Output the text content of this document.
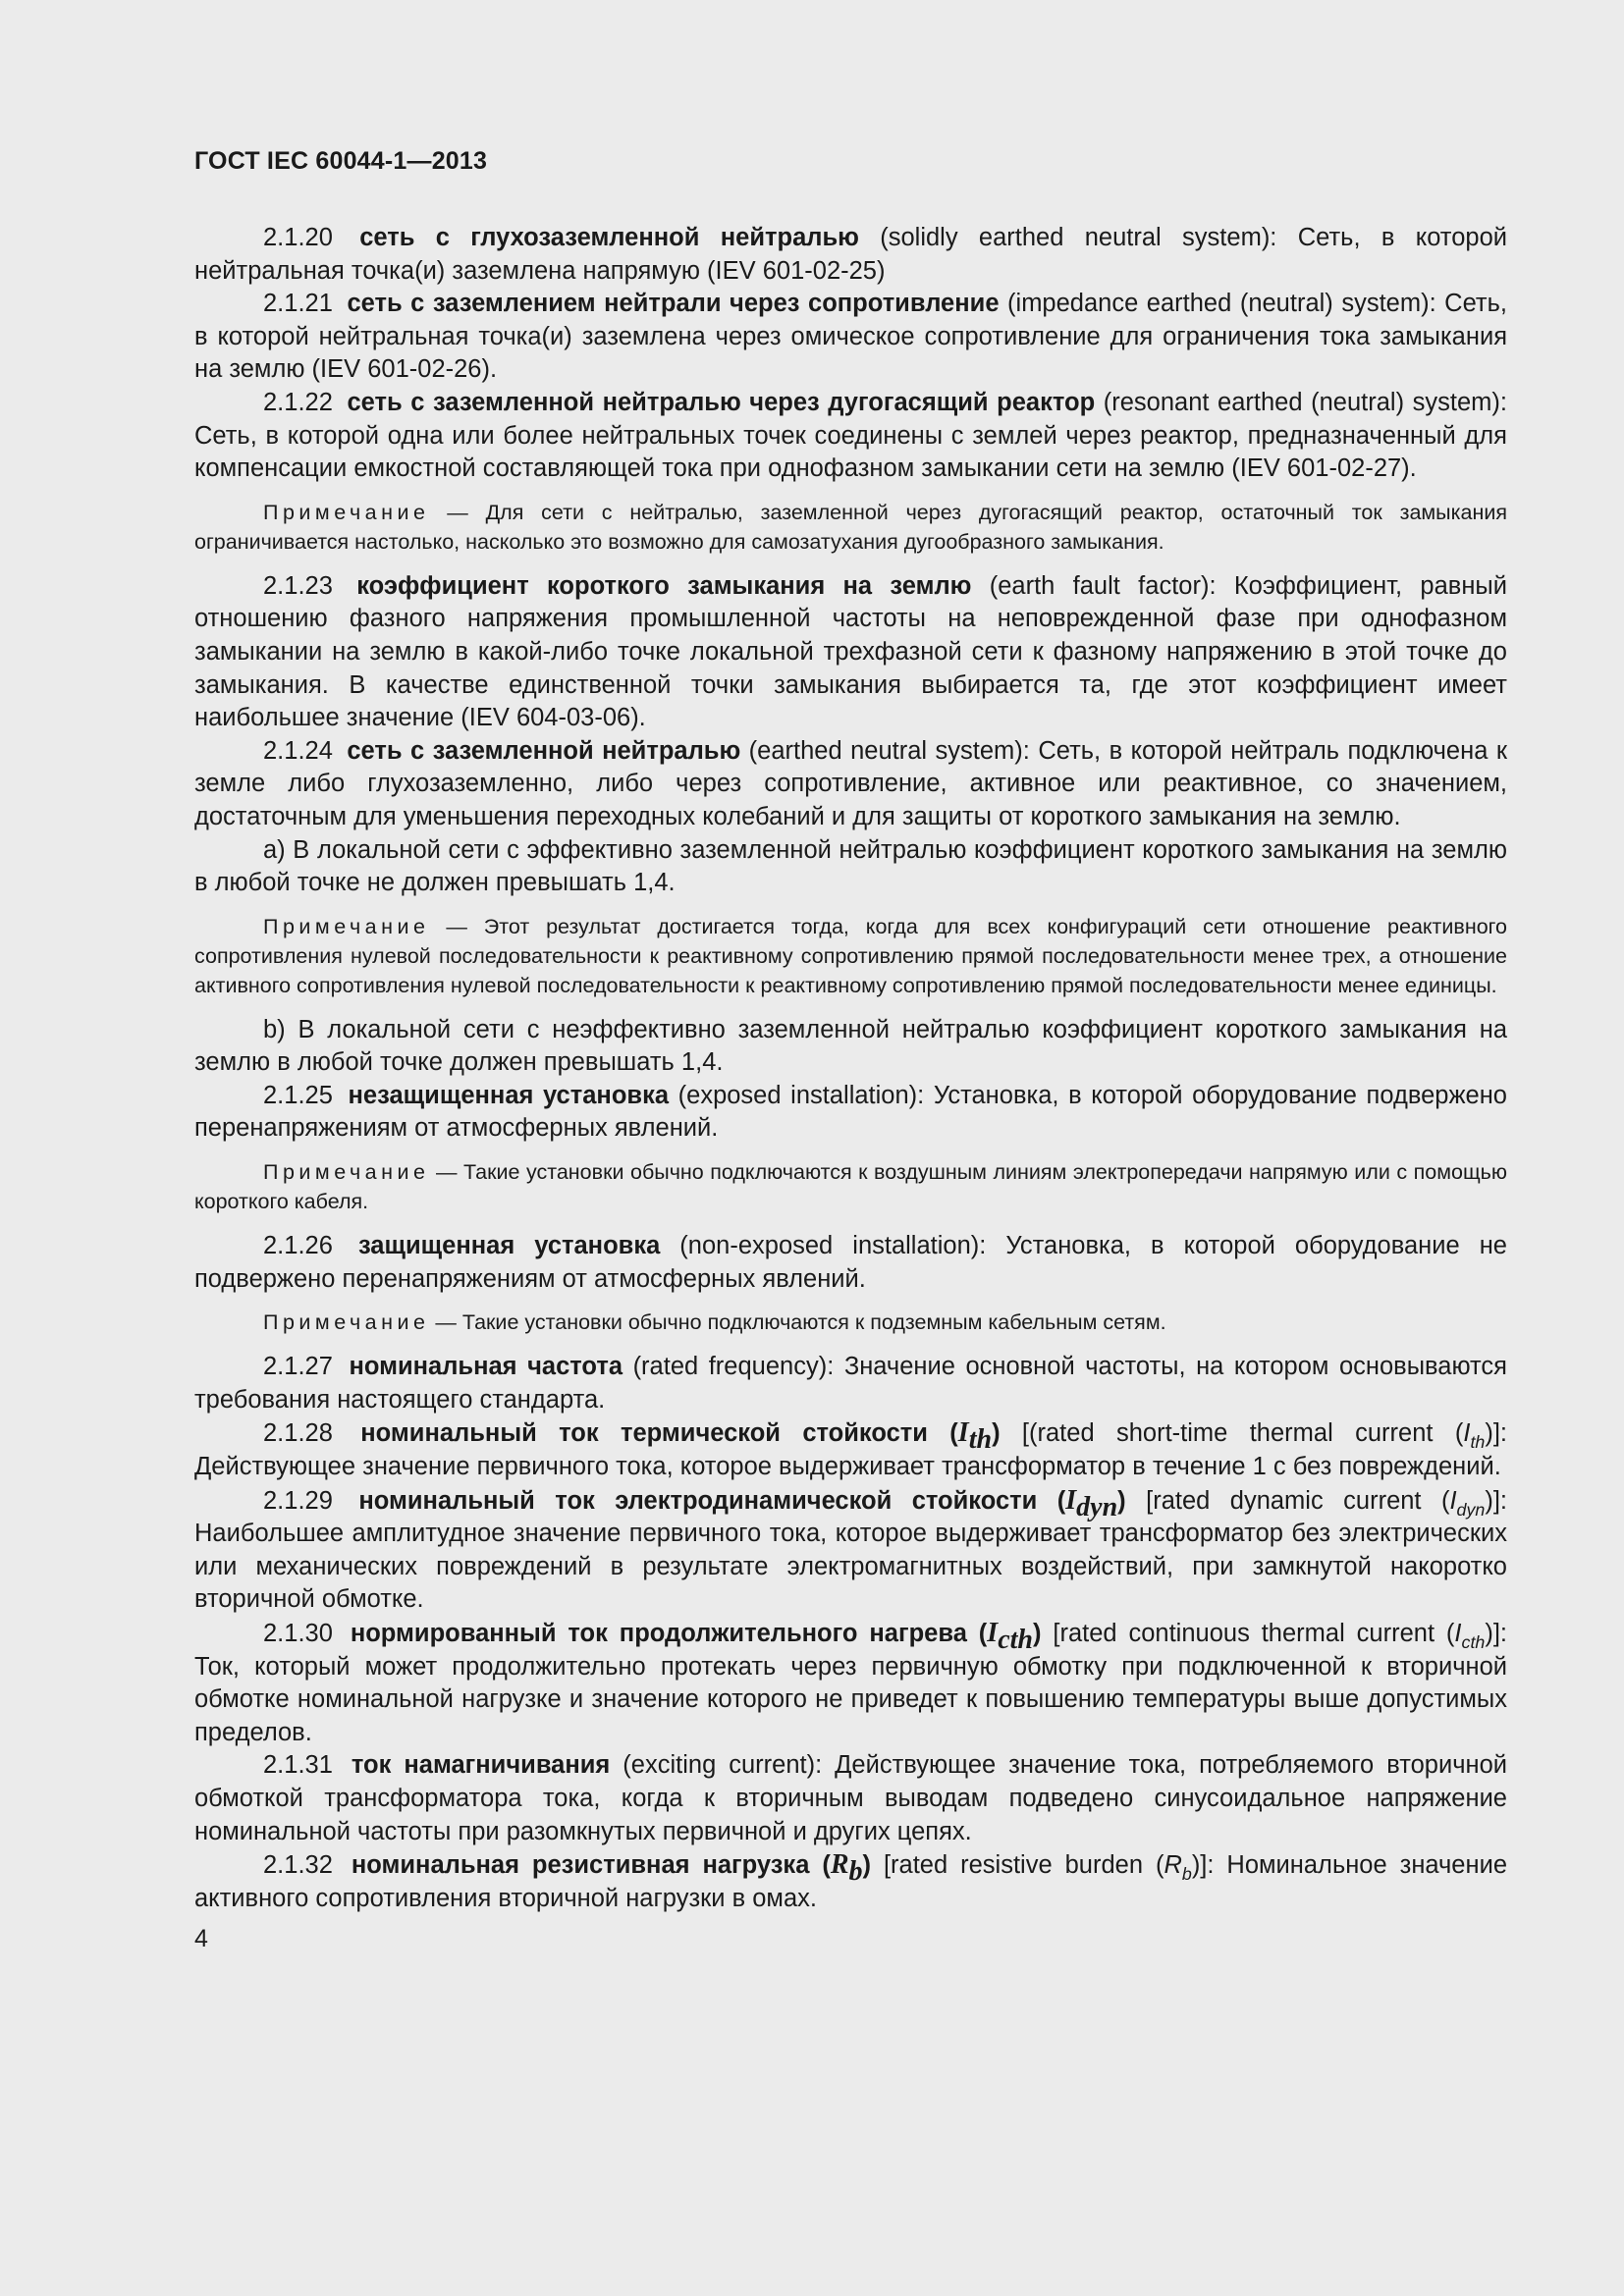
ГОСТ IEC 60044-1—2013

2.1.20 сеть с глухозаземленной нейтралью (solidly earthed neutral system): Сеть, в которой нейтральная точка(и) заземлена напрямую (IEV 601-02-25)

2.1.21 сеть с заземлением нейтрали через сопротивление (impedance earthed (neutral) system): Сеть, в которой нейтральная точка(и) заземлена через омическое сопротивление для ограничения тока замыкания на землю (IEV 601-02-26).

2.1.22 сеть с заземленной нейтралью через дугогасящий реактор (resonant earthed (neutral) system): Сеть, в которой одна или более нейтральных точек соединены с землей через реактор, предназначенный для компенсации емкостной составляющей тока при однофазном замыкании сети на землю (IEV 601-02-27).

Примечание — Для сети с нейтралью, заземленной через дугогасящий реактор, остаточный ток замыкания ограничивается настолько, насколько это возможно для самозатухания дугообразного замыкания.

2.1.23 коэффициент короткого замыкания на землю (earth fault factor): Коэффициент, равный отношению фазного напряжения промышленной частоты на неповрежденной фазе при однофазном замыкании на землю в какой-либо точке локальной трехфазной сети к фазному напряжению в этой точке до замыкания. В качестве единственной точки замыкания выбирается та, где этот коэффициент имеет наибольшее значение (IEV 604-03-06).

2.1.24 сеть с заземленной нейтралью (earthed neutral system): Сеть, в которой нейтраль подключена к земле либо глухозаземленно, либо через сопротивление, активное или реактивное, со значением, достаточным для уменьшения переходных колебаний и для защиты от короткого замыкания на землю.

а) В локальной сети с эффективно заземленной нейтралью коэффициент короткого замыкания на землю в любой точке не должен превышать 1,4.

Примечание — Этот результат достигается тогда, когда для всех конфигураций сети отношение реактивного сопротивления нулевой последовательности к реактивному сопротивлению прямой последовательности менее трех, а отношение активного сопротивления нулевой последовательности к реактивному сопротивлению прямой последовательности менее единицы.

b) В локальной сети с неэффективно заземленной нейтралью коэффициент короткого замыкания на землю в любой точке должен превышать 1,4.

2.1.25 незащищенная установка (exposed installation): Установка, в которой оборудование подвержено перенапряжениям от атмосферных явлений.

Примечание — Такие установки обычно подключаются к воздушным линиям электропередачи напрямую или с помощью короткого кабеля.

2.1.26 защищенная установка (non-exposed installation): Установка, в которой оборудование не подвержено перенапряжениям от атмосферных явлений.

Примечание — Такие установки обычно подключаются к подземным кабельным сетям.

2.1.27 номинальная частота (rated frequency): Значение основной частоты, на котором основываются требования настоящего стандарта.

2.1.28 номинальный ток термической стойкости $(I_{th})$ [(rated short-time thermal current $(I_{th})$]: Действующее значение первичного тока, которое выдерживает трансформатор в течение 1 с без повреждений.

2.1.29 номинальный ток электродинамической стойкости $(I_{dyn})$ [rated dynamic current $(I_{dyn})$]: Наибольшее амплитудное значение первичного тока, которое выдерживает трансформатор без электрических или механических повреждений в результате электромагнитных воздействий, при замкнутой накоротко вторичной обмотке.

2.1.30 нормированный ток продолжительного нагрева $(I_{cth})$ [rated continuous thermal current $(I_{cth})$]: Ток, который может продолжительно протекать через первичную обмотку при подключенной к вторичной обмотке номинальной нагрузке и значение которого не приведет к повышению температуры выше допустимых пределов.

2.1.31 ток намагничивания (exciting current): Действующее значение тока, потребляемого вторичной обмоткой трансформатора тока, когда к вторичным выводам подведено синусоидальное напряжение номинальной частоты при разомкнутых первичной и других цепях.

2.1.32 номинальная резистивная нагрузка $(R_b)$ [rated resistive burden $(R_b)$]: Номинальное значение активного сопротивления вторичной нагрузки в омах.

4
